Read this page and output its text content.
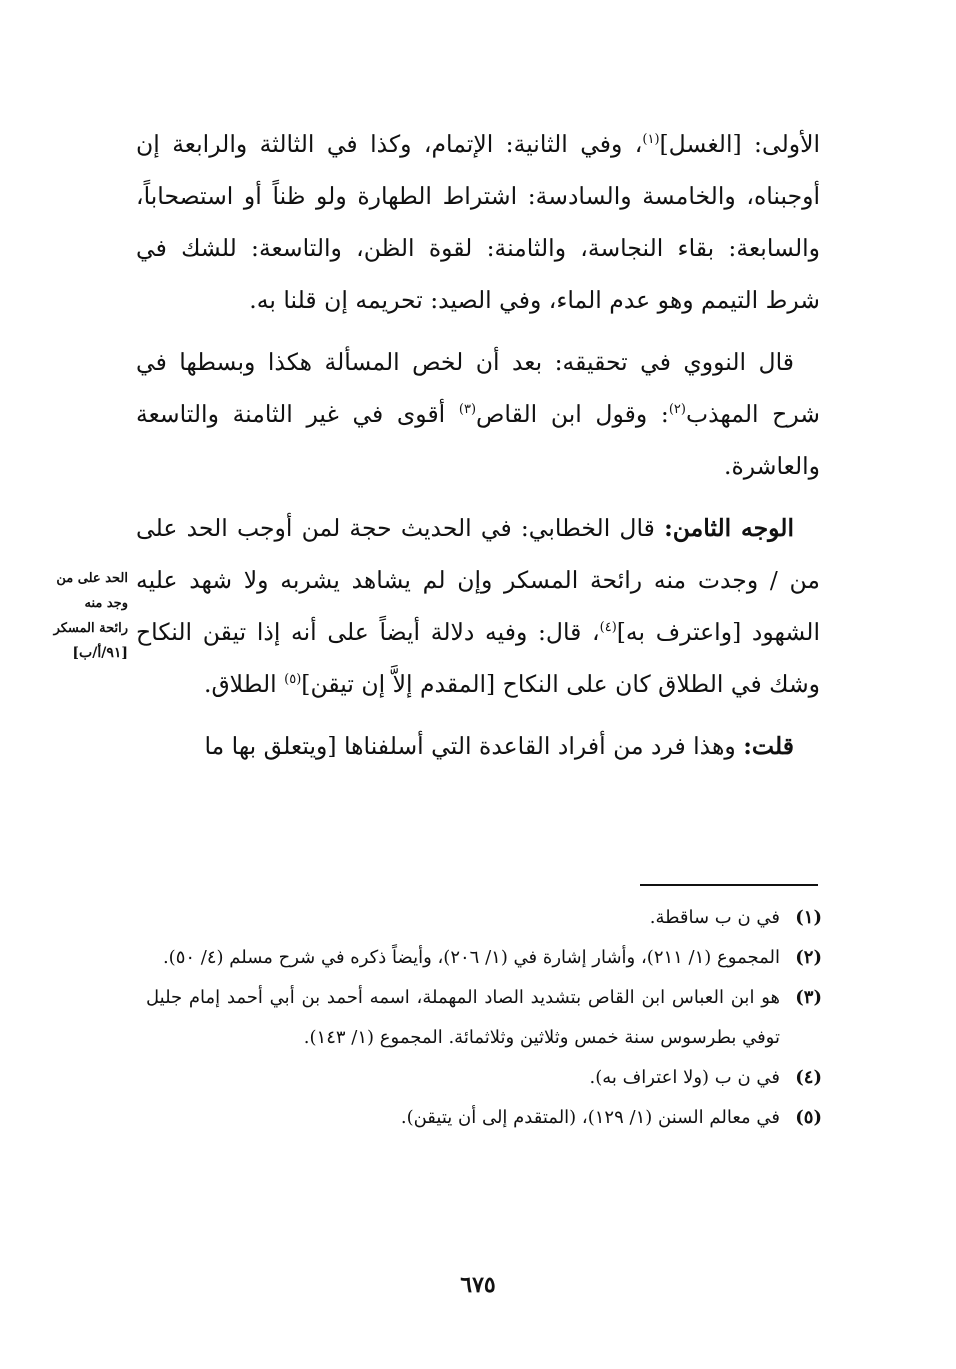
الأولى: [الغسل]$^{(١)}$، وفي الثانية: الإتمام، وكذا في الثالثة والرابعة إن أوجبناه، والخامسة والسادسة: اشتراط الطهارة ولو ظناً أو استصحاباً، والسابعة: بقاء النجاسة، والثامنة: لقوة الظن، والتاسعة: للشك في شرط التيمم وهو عدم الماء، وفي الصيد: تحريمه إن قلنا به.

قال النووي في تحقيقه: بعد أن لخص المسألة هكذا وبسطها في شرح المهذب$^{(٢)}$: وقول ابن القاص$^{(٣)}$ أقوى في غير الثامنة والتاسعة والعاشرة.

الوجه الثامن: قال الخطابي: في الحديث حجة لمن أوجب الحد على من / وجدت منه رائحة المسكر وإن لم يشاهد يشربه ولا شهد عليه الشهود [واعترف به]$^{(٤)}$، قال: وفيه دلالة أيضاً على أنه إذا تيقن النكاح وشك في الطلاق كان على النكاح [المقدم إلاَّ إن تيقن]$^{(٥)}$ الطلاق.

قلت: وهذا فرد من أفراد القاعدة التي أسلفناها [ويتعلق بها ما

الحد على من
وجد منه
رائحة المسكر
[٩١/أ/ب]
(١)
في ن ب ساقطة.
(٢)
المجموع (١/ ٢١١)، وأشار إشارة في (١/ ٢٠٦)، وأيضاً ذكره في شرح مسلم (٤/ ٥٠).
(٣)
هو ابن العباس ابن القاص بتشديد الصاد المهملة، اسمه أحمد بن أبي أحمد إمام جليل توفي بطرسوس سنة خمس وثلاثين وثلاثمائة. المجموع (١/ ١٤٣).
(٤)
في ن ب (ولا اعتراف به).
(٥)
في معالم السنن (١/ ١٢٩)، (المتقدم إلى أن يتيقن).
٦٧٥
